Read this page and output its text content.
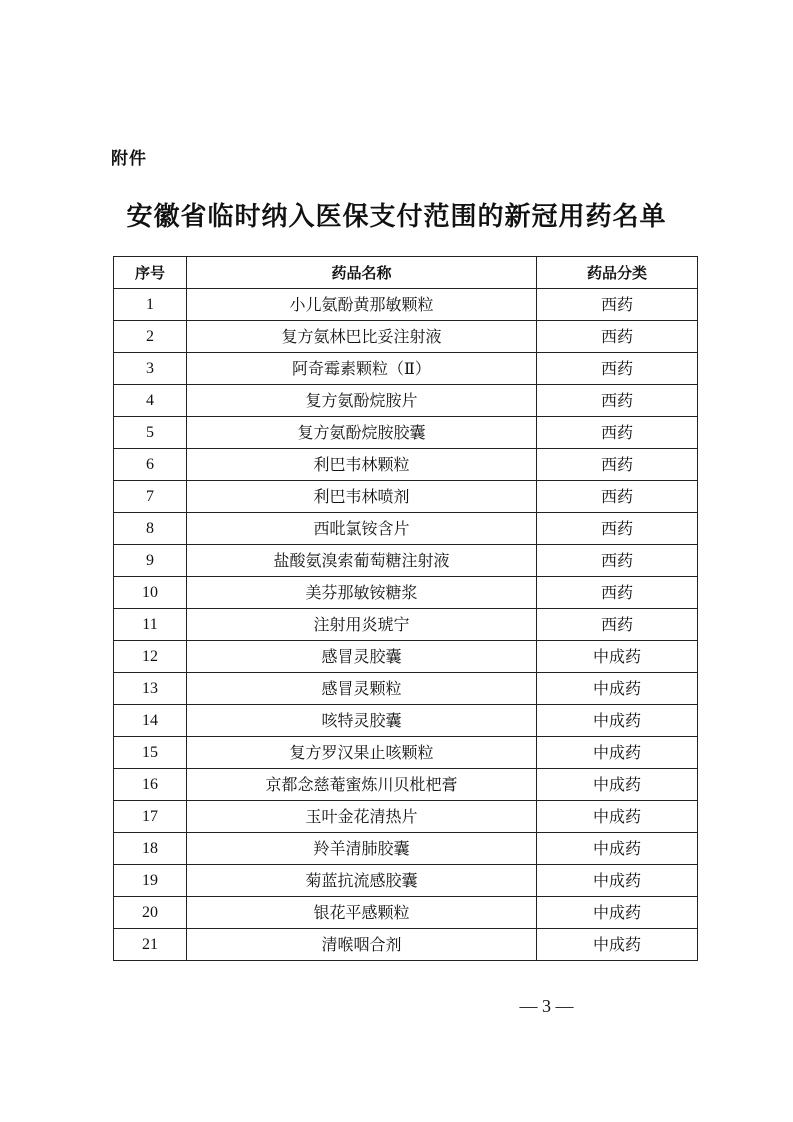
附件
安徽省临时纳入医保支付范围的新冠用药名单
序号	药品名称	药品分类
1	小儿氨酚黄那敏颗粒	西药
2	复方氨林巴比妥注射液	西药
3	阿奇霉素颗粒（Ⅱ）	西药
4	复方氨酚烷胺片	西药
5	复方氨酚烷胺胶囊	西药
6	利巴韦林颗粒	西药
7	利巴韦林喷剂	西药
8	西吡氯铵含片	西药
9	盐酸氨溴索葡萄糖注射液	西药
10	美芬那敏铵糖浆	西药
11	注射用炎琥宁	西药
12	感冒灵胶囊	中成药
13	感冒灵颗粒	中成药
14	咳特灵胶囊	中成药
15	复方罗汉果止咳颗粒	中成药
16	京都念慈菴蜜炼川贝枇杷膏	中成药
17	玉叶金花清热片	中成药
18	羚羊清肺胶囊	中成药
19	菊蓝抗流感胶囊	中成药
20	银花平感颗粒	中成药
21	清喉咽合剂	中成药
— 3 —
